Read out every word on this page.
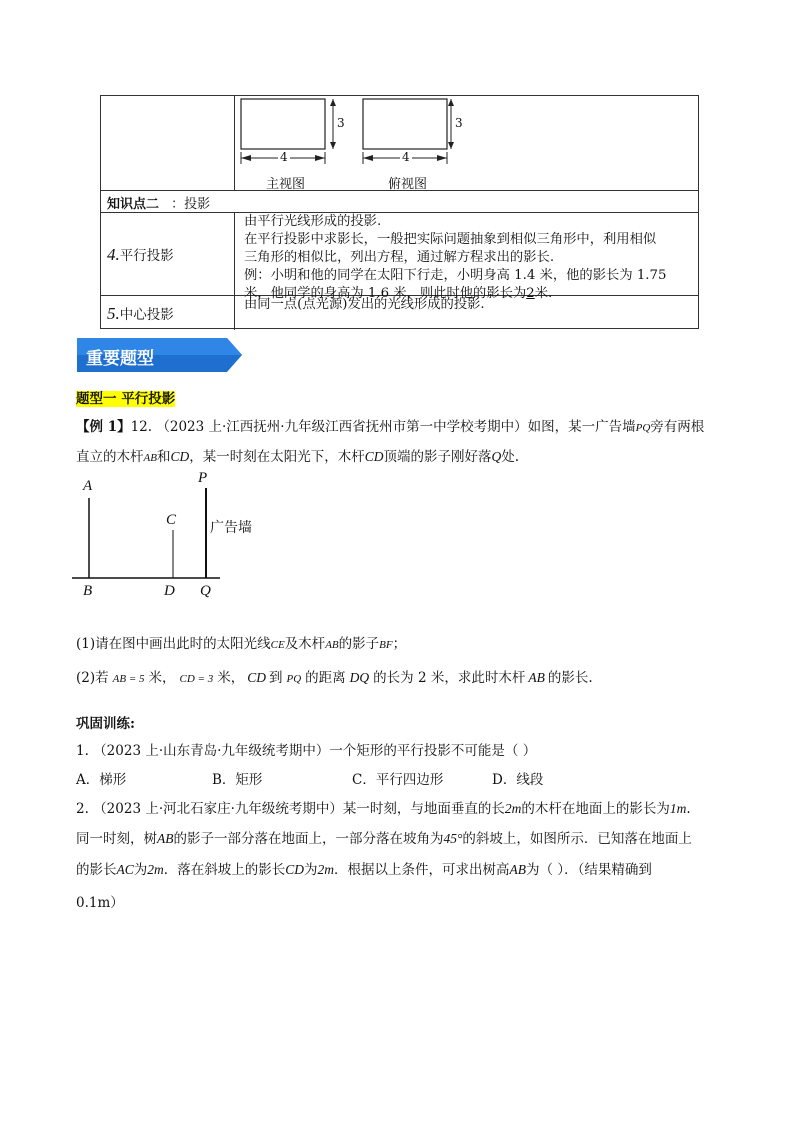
3	3
4	4
主视图	俯视图
知识点二 ：投影
4.平行投影
由平行光线形成的投影.
在平行投影中求影长，一般把实际问题抽象到相似三角形中，利用相似
三角形的相似比，列出方程，通过解方程求出的影长.
例：小明和他的同学在太阳下行走，小明身高 1.4 米，他的影长为 1.75
米，他同学的身高为 1.6 米，则此时他的影长为2米.
5.中心投影
由同一点(点光源)发出的光线形成的投影.
重要题型
题型一 平行投影
【例 1】12. （2023 上·江西抚州·九年级江西省抚州市第一中学校考期中）如图，某一广告墙PQ旁有两根
直立的木杆AB和CD，某一时刻在太阳光下，木杆CD顶端的影子刚好落Q处.
A
B
C
D
P
Q
广告墙
(1)请在图中画出此时的太阳光线CE及木杆AB的影子BF；
(2)若 AB = 5 米， CD = 3 米， CD 到 PQ 的距离 DQ 的长为 2 米，求此时木杆 AB 的影长.
巩固训练:
1. （2023 上·山东青岛·九年级统考期中）一个矩形的平行投影不可能是（ ）
A．梯形	B．矩形	C．平行四边形	D．线段
2. （2023 上·河北石家庄·九年级统考期中）某一时刻，与地面垂直的长2m的木杆在地面上的影长为1m.
同一时刻，树AB的影子一部分落在地面上，一部分落在坡角为45°的斜坡上，如图所示．已知落在地面上
的影长AC为2m．落在斜坡上的影长CD为2m．根据以上条件，可求出树高AB为（ ）．（结果精确到
0.1m）
